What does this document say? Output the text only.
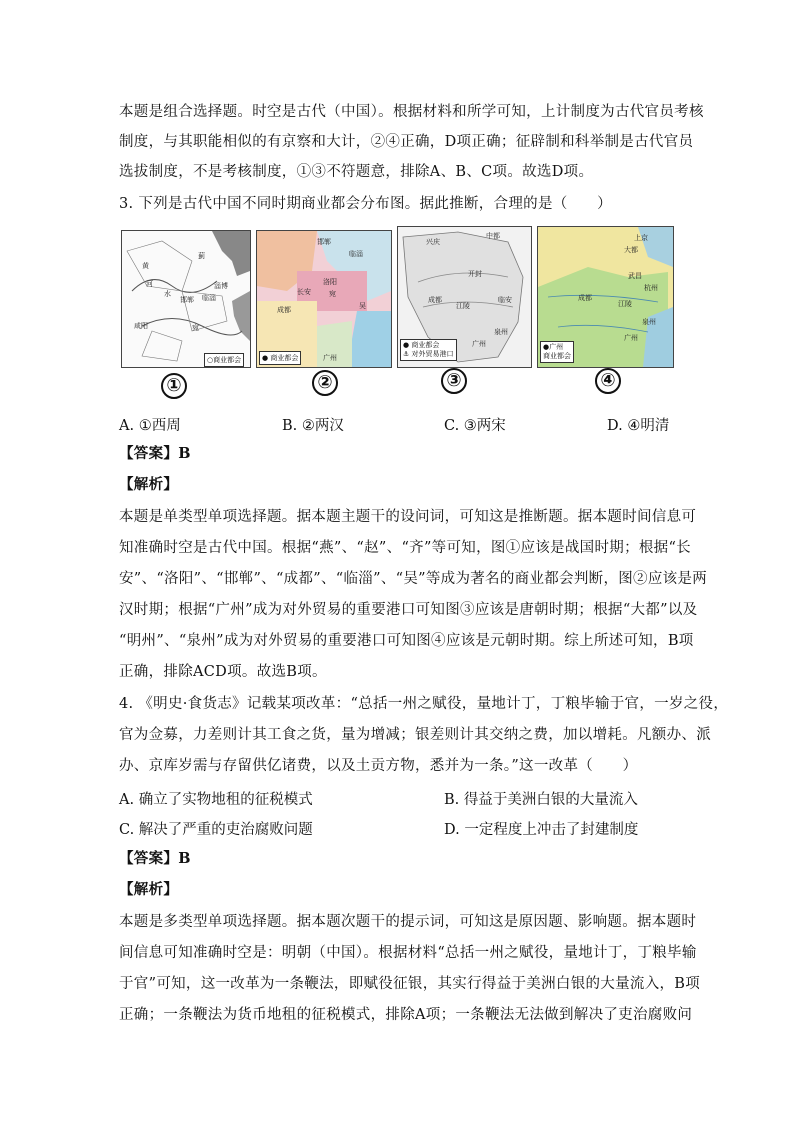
本题是组合选择题。时空是古代（中国）。根据材料和所学可知，上计制度为古代官员考核
制度，与其职能相似的有京察和大计，②④正确，D项正确；征辟制和科举制是古代官员
选拔制度，不是考核制度，①③不符题意，排除A、B、C项。故选D项。
3. 下列是古代中国不同时期商业都会分布图。据此推断，合理的是（　　）
黄
河
水
咸阳
邯郸 临淄
淄博
宛
蓟
○商业都会
邯郸
临淄
洛阳
长安	宛
成都	吴
广州
● 商业都会
兴庆
中都
开封
临安
成都
江陵
泉州
广州
● 商业都会
⚓ 对外贸易港口
上京
大都
杭州
江陵
泉州
广州
成都
武昌
●广州
商业都会
①	②	③	④
A. ①西周	B. ②两汉	C. ③两宋	D. ④明清
【答案】B
【解析】
本题是单类型单项选择题。据本题主题干的设问词，可知这是推断题。据本题时间信息可
知准确时空是古代中国。根据“燕”、“赵”、“齐”等可知，图①应该是战国时期；根据“长
安”、“洛阳”、“邯郸”、“成都”、“临淄”、“吴”等成为著名的商业都会判断，图②应该是两
汉时期；根据“广州”成为对外贸易的重要港口可知图③应该是唐朝时期；根据“大都”以及
“明州”、“泉州”成为对外贸易的重要港口可知图④应该是元朝时期。综上所述可知，B项
正确，排除ACD项。故选B项。
4. 《明史·食货志》记载某项改革：“总括一州之赋役，量地计丁，丁粮毕输于官，一岁之役，
官为佥募，力差则计其工食之货，量为增减；银差则计其交纳之费，加以增耗。凡额办、派
办、京库岁需与存留供亿诸费，以及土贡方物，悉并为一条。”这一改革（　　）
A. 确立了实物地租的征税模式	B. 得益于美洲白银的大量流入
C. 解决了严重的吏治腐败问题	D. 一定程度上冲击了封建制度
【答案】B
【解析】
本题是多类型单项选择题。据本题次题干的提示词，可知这是原因题、影响题。据本题时
间信息可知准确时空是：明朝（中国）。根据材料“总括一州之赋役，量地计丁，丁粮毕输
于官”可知，这一改革为一条鞭法，即赋役征银，其实行得益于美洲白银的大量流入，B项
正确；一条鞭法为货币地租的征税模式，排除A项；一条鞭法无法做到解决了吏治腐败问
